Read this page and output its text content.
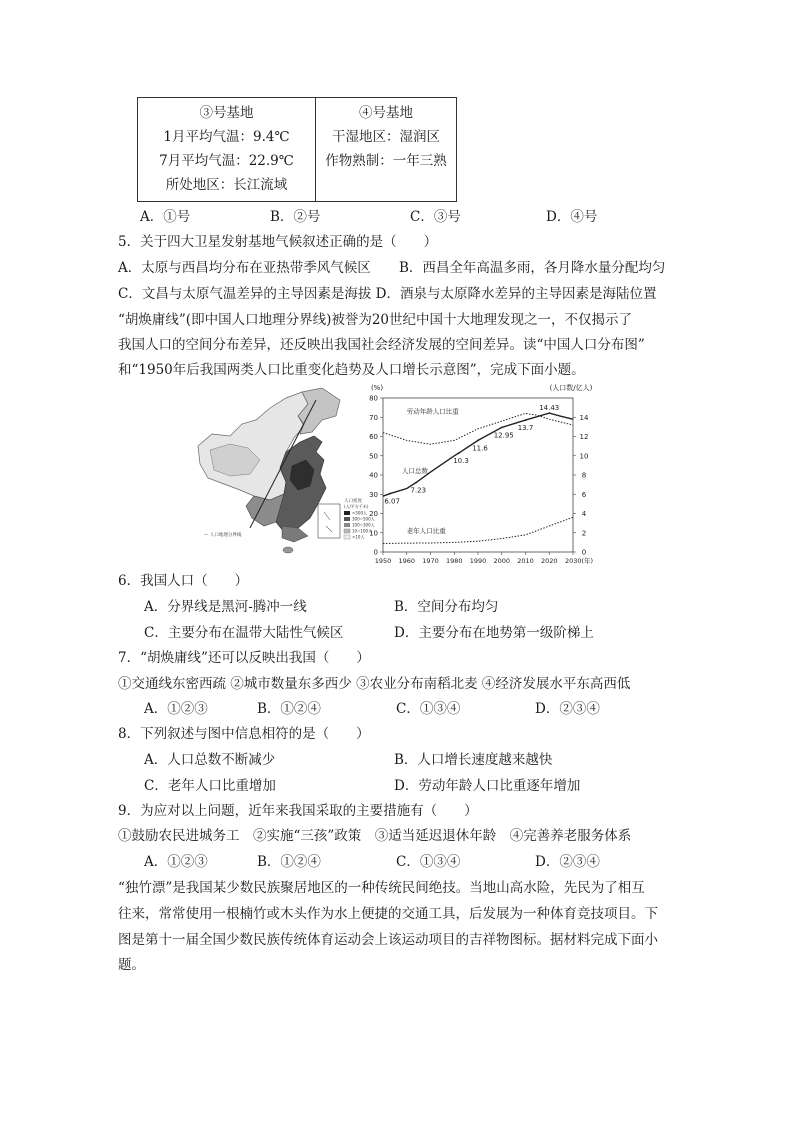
③号基地
1月平均气温：9.4℃
7月平均气温：22.9℃
所处地区：长江流域
④号基地
干湿地区：湿润区
作物熟制：一年三熟
A．①号	B．②号	C．③号	D．④号
5．关于四大卫星发射基地气候叙述正确的是（　　）
A．太原与西昌均分布在亚热带季风气候区 B．西昌全年高温多雨，各月降水量分配均匀
C．文昌与太原气温差异的主导因素是海拔 D．酒泉与太原降水差异的主导因素是海陆位置
“胡焕庸线”(即中国人口地理分界线)被誉为20世纪中国十大地理发现之一，不仅揭示了
我国人口的空间分布差异，还反映出我国社会经济发展的空间差异。读“中国人口分布图”
和“1950年后我国两类人口比重变化趋势及人口增长示意图”，完成下面小题。
人口密度
(人/平方千米)
>500人
300~500人
100~300人
10~100人
<10人
— 人口地理分界线
0
10
20
30
40
50
60
70
80
0
2
4
6
8
10
12
14
1950 1960 1970 1980 1990 2000 2010 2020 2030(年)
(%)	(人口数/亿人)
6.07
7.23
10.3
11.6
12.95
13.7
14.43
劳动年龄人口比重
人口总数
老年人口比重
6．我国人口（　　）
A．分界线是黑河-腾冲一线	B．空间分布均匀
C．主要分布在温带大陆性气候区	D．主要分布在地势第一级阶梯上
7．“胡焕庸线”还可以反映出我国（　　）
①交通线东密西疏 ②城市数量东多西少 ③农业分布南稻北麦 ④经济发展水平东高西低
A．①②③	B．①②④	C．①③④	D．②③④
8．下列叙述与图中信息相符的是（　　）
A．人口总数不断减少	B．人口增长速度越来越快
C．老年人口比重增加	D．劳动年龄人口比重逐年增加
9．为应对以上问题，近年来我国采取的主要措施有（　　）
①鼓励农民进城务工　②实施“三孩”政策　③适当延迟退休年龄　④完善养老服务体系
A．①②③	B．①②④	C．①③④	D．②③④
“独竹漂”是我国某少数民族聚居地区的一种传统民间绝技。当地山高水险，先民为了相互
往来，常常使用一根楠竹或木头作为水上便捷的交通工具，后发展为一种体育竞技项目。下
图是第十一届全国少数民族传统体育运动会上该运动项目的吉祥物图标。据材料完成下面小
题。
